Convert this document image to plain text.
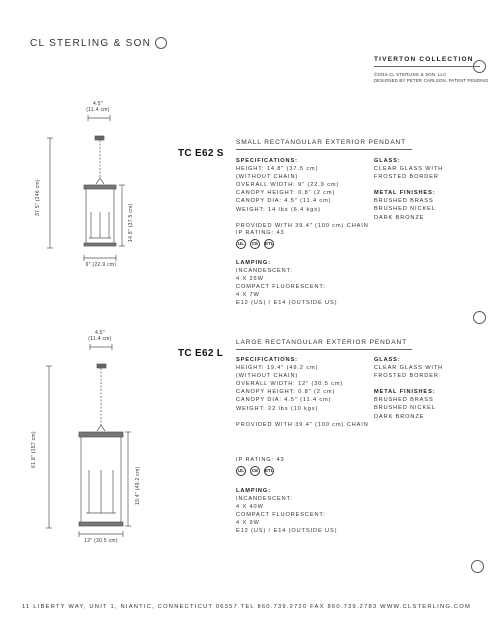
CL STERLING & SON
TIVERTON COLLECTION
©2016 CL STERLING & SON, LLC
DESIGNED BY PETER CARLSON, PATENT PENDING
4.5"
(11.4 cm)
37.5" (146 cm)
14.8" (37.5 cm)
9" (22.9 cm)
TC E62 S
SMALL RECTANGULAR EXTERIOR PENDANT
SPECIFICATIONS:
HEIGHT: 14.8" (37.5 cm)
(WITHOUT CHAIN)
OVERALL WIDTH: 9" (22.9 cm)
CANOPY HEIGHT: 0.8" (2 cm)
CANOPY DIA: 4.5" (11.4 cm)
WEIGHT: 14 lbs (6.4 kgs)
PROVIDED WITH 39.4" (100 cm) CHAIN
GLASS:
CLEAR GLASS WITH
FROSTED BORDER
METAL FINISHES:
BRUSHED BRASS
BRUSHED NICKEL
DARK BRONZE
IP RATING: 43
UL	CE	ETL
LAMPING:
INCANDESCENT:
4 X 25W
COMPACT FLUORESCENT:
4 X 7W
E12 (US) / E14 (OUTSIDE US)
4.5"
(11.4 cm)
61.8" (157 cm)
19.4" (49.2 cm)
12" (30.5 cm)
TC E62 L
LARGE RECTANGULAR EXTERIOR PENDANT
SPECIFICATIONS:
HEIGHT: 19.4" (49.2 cm)
(WITHOUT CHAIN)
OVERALL WIDTH: 12" (30.5 cm)
CANOPY HEIGHT: 0.8" (2 cm)
CANOPY DIA: 4.5" (11.4 cm)
WEIGHT: 22 lbs (10 kgs)
PROVIDED WITH 39.4" (100 cm) CHAIN
GLASS:
CLEAR GLASS WITH
FROSTED BORDER
METAL FINISHES:
BRUSHED BRASS
BRUSHED NICKEL
DARK BRONZE
IP RATING: 43
UL	CE	ETL
LAMPING:
INCANDESCENT:
4 X 40W
COMPACT FLUORESCENT:
4 X 9W
E12 (US) / E14 (OUTSIDE US)
11 LIBERTY WAY, UNIT 1, NIANTIC, CONNECTICUT 06357 TEL 860.739.2720 FAX 860.739.2783 WWW.CLSTERLING.COM
